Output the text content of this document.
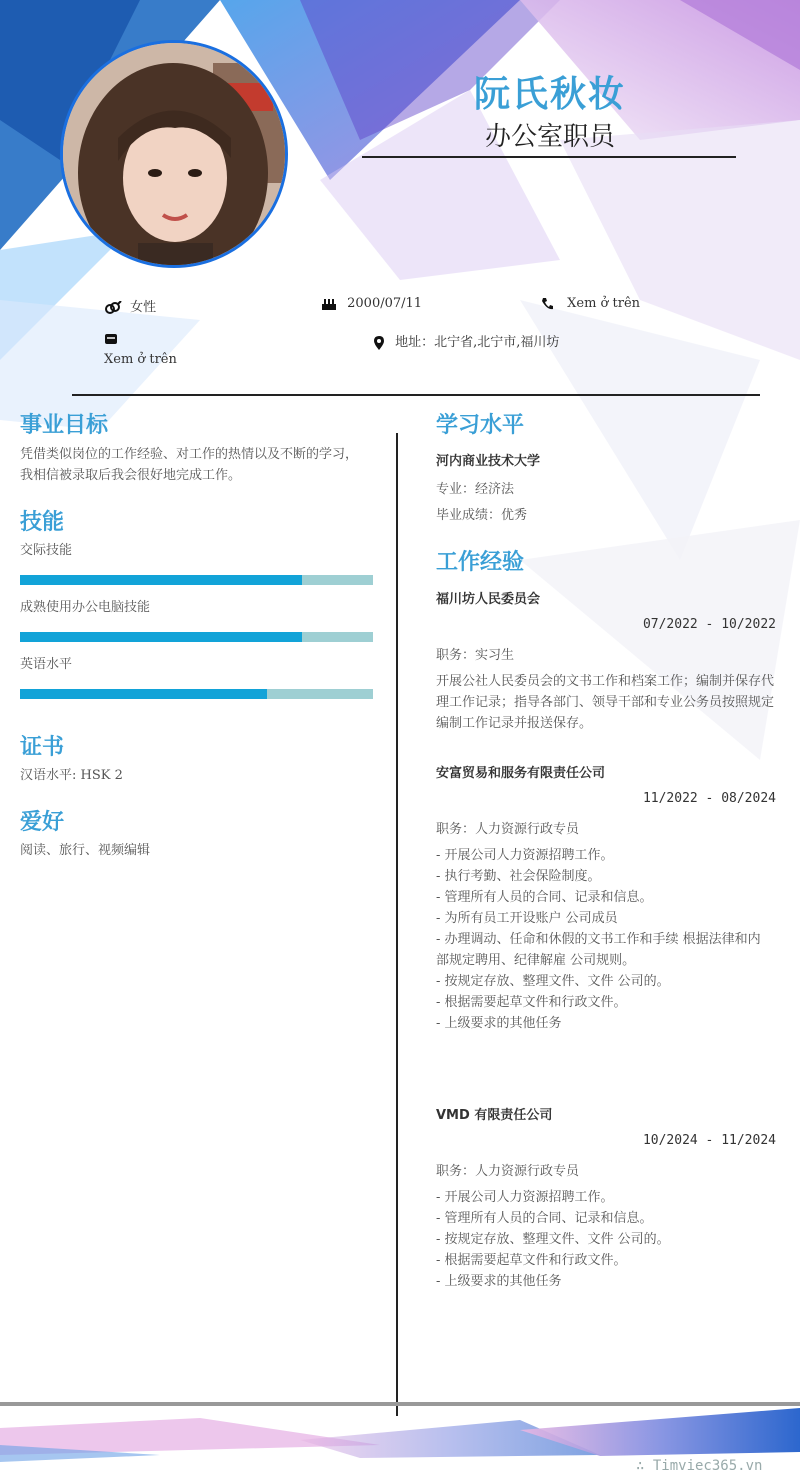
阮氏秋妆
办公室职员
女性	2000/07/11	Xem ở trên
Xem ở trên
地址：北宁省,北宁市,福川坊
事业目标
凭借类似岗位的工作经验、对工作的热情以及不断的学习，
我相信被录取后我会很好地完成工作。
技能
交际技能
成熟使用办公电脑技能
英语水平
证书
汉语水平: HSK 2
爱好
阅读、旅行、视频编辑
学习水平
河内商业技术大学
专业：经济法
毕业成绩：优秀
工作经验
福川坊人民委员会
07/2022 - 10/2022
职务：实习生
开展公社人民委员会的文书工作和档案工作；编制并保存代
理工作记录；指导各部门、领导干部和专业公务员按照规定
编制工作记录并报送保存。
安富贸易和服务有限责任公司
11/2022 - 08/2024
职务：人力资源行政专员
- 开展公司人力资源招聘工作。
- 执行考勤、社会保险制度。
- 管理所有人员的合同、记录和信息。
- 为所有员工开设账户 公司成员
- 办理调动、任命和休假的文书工作和手续 根据法律和内
部规定聘用、纪律解雇 公司规则。
- 按规定存放、整理文件、文件 公司的。
- 根据需要起草文件和行政文件。
- 上级要求的其他任务
VMD 有限责任公司
10/2024 - 11/2024
职务：人力资源行政专员
- 开展公司人力资源招聘工作。
- 管理所有人员的合同、记录和信息。
- 按规定存放、整理文件、文件 公司的。
- 根据需要起草文件和行政文件。
- 上级要求的其他任务
∴ Timviec365.vn
